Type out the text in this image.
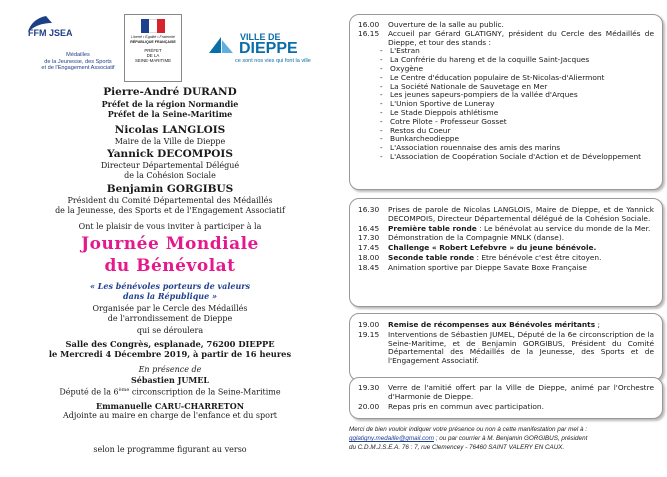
FFM JSEA
Médailles
de la Jeunesse, des Sports
et de l'Engagement Associatif
Liberté • Égalité • Fraternité
RÉPUBLIQUE FRANÇAISE
PRÉFET
DE LA
SEINE-MARITIME
VILLE DE
DIEPPE
ce sont nos vies qui font la ville
Pierre-André DURAND
Préfet de la région Normandie
Préfet de la Seine-Maritime
Nicolas LANGLOIS
Maire de la Ville de Dieppe
Yannick DECOMPOIS
Directeur Départemental Délégué
de la Cohésion Sociale
Benjamin GORGIBUS
Président du Comité Départemental des Médaillés
de la Jeunesse, des Sports et de l'Engagement Associatif
Ont le plaisir de vous inviter à participer à la
Journée Mondiale
du Bénévolat
« Les bénévoles porteurs de valeurs
dans la République »
Organisée par le Cercle des Médaillés
de l'arrondissement de Dieppe
qui se déroulera
Salle des Congrès, esplanade, 76200 DIEPPE
le Mercredi 4 Décembre 2019, à partir de 16 heures
En présence de
Sébastien JUMEL
Député de la 6ème circonscription de la Seine-Maritime
Emmanuelle CARU-CHARRETON
Adjointe au maire en charge de l'enfance et du sport
selon le programme figurant au verso
16.00	Ouverture de la salle au public.
16.15	Accueil par Gérard GLATIGNY, président du Cercle des Médaillés de Dieppe, et tour des stands :
- L'Estran
- La Confrérie du hareng et de la coquille Saint-Jacques
- Oxygène
- Le Centre d'éducation populaire de St-Nicolas-d'Aliermont
- La Société Nationale de Sauvetage en Mer
- Les jeunes sapeurs-pompiers de la vallée d'Arques
- L'Union Sportive de Luneray
- Le Stade Dieppois athlétisme
- Cotre Pilote - Professeur Gosset
- Restos du Coeur
- Bunkarcheodieppe
- L'Association rouennaise des amis des marins
- L'Association de Coopération Sociale d'Action et de Développement
16.30	Prises de parole de Nicolas LANGLOIS, Maire de Dieppe, et de Yannick DECOMPOIS, Directeur Départemental délégué de la Cohésion Sociale.
16.45	Première table ronde : Le bénévolat au service du monde de la Mer.
17.30	Démonstration de la Compagnie MNLK (danse).
17.45	Challenge « Robert Lefebvre » du jeune bénévole.
18.00	Seconde table ronde : Etre bénévole c'est être citoyen.
18.45	Animation sportive par Dieppe Savate Boxe Française
19.00	Remise de récompenses aux Bénévoles méritants ;
19.15	Interventions de Sébastien JUMEL, Député de la 6e circonscription de la Seine-Maritime, et de Benjamin GORGIBUS, Président du Comité Départemental des Médaillés de la Jeunesse, des Sports et de l'Engagement Associatif.
19.30	Verre de l'amitié offert par la Ville de Dieppe, animé par l'Orchestre d'Harmonie de Dieppe.
20.00	Repas pris en commun avec participation.
Merci de bien vouloir indiquer votre présence ou non à cette manifestation par mel à :
gglatigny.medaille@gmail.com ; ou par courrier à M. Benjamin GORGIBUS, président
du C.D.M.J.S.E.A. 76 : 7, rue Clemencey - 76460 SAINT VALERY EN CAUX.
